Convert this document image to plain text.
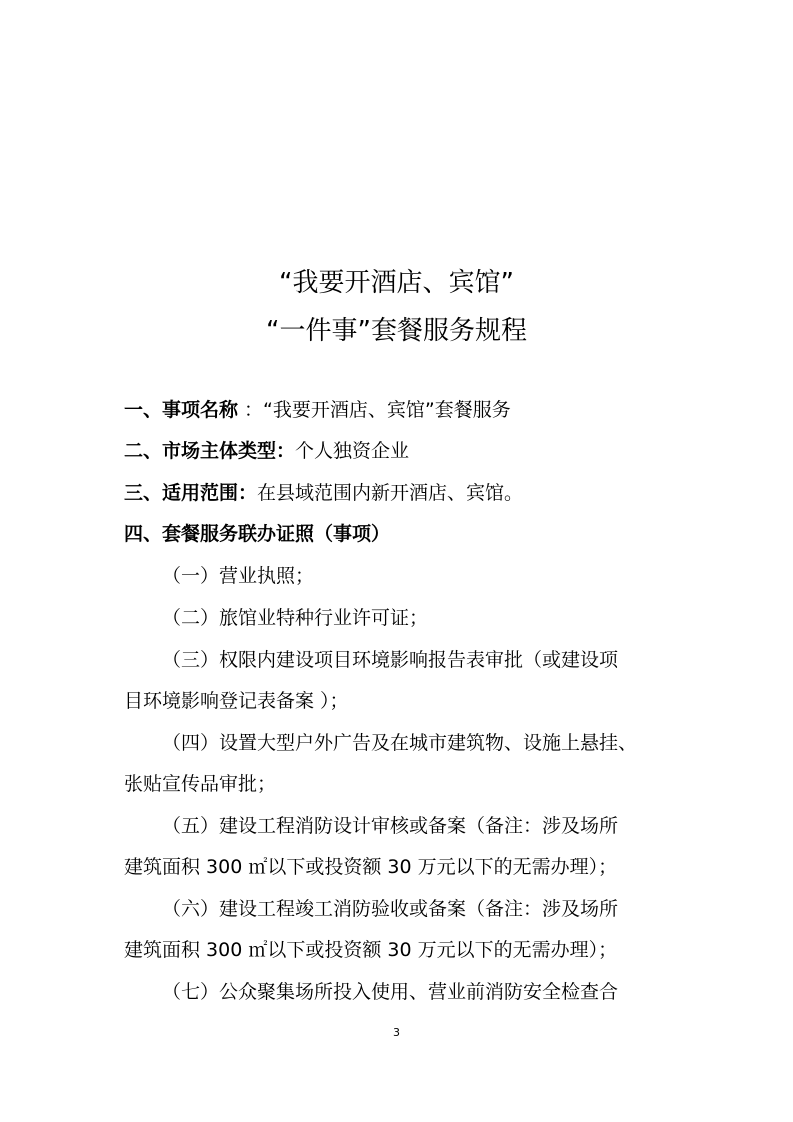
“我要开酒店、宾馆”
“一件事”套餐服务规程
一、事项名称 ：“我要开酒店、宾馆”套餐服务
二、市场主体类型：个人独资企业
三、适用范围：在县域范围内新开酒店、宾馆。
四、套餐服务联办证照（事项）
（一）营业执照；
（二）旅馆业特种行业许可证；
（三）权限内建设项目环境影响报告表审批（或建设项
目环境影响登记表备案 ）；
（四）设置大型户外广告及在城市建筑物、设施上悬挂、
张贴宣传品审批；
（五）建设工程消防设计审核或备案（备注：涉及场所
建筑面积 300 ㎡以下或投资额 30 万元以下的无需办理）；
（六）建设工程竣工消防验收或备案（备注：涉及场所
建筑面积 300 ㎡以下或投资额 30 万元以下的无需办理）；
（七）公众聚集场所投入使用、营业前消防安全检查合
3
